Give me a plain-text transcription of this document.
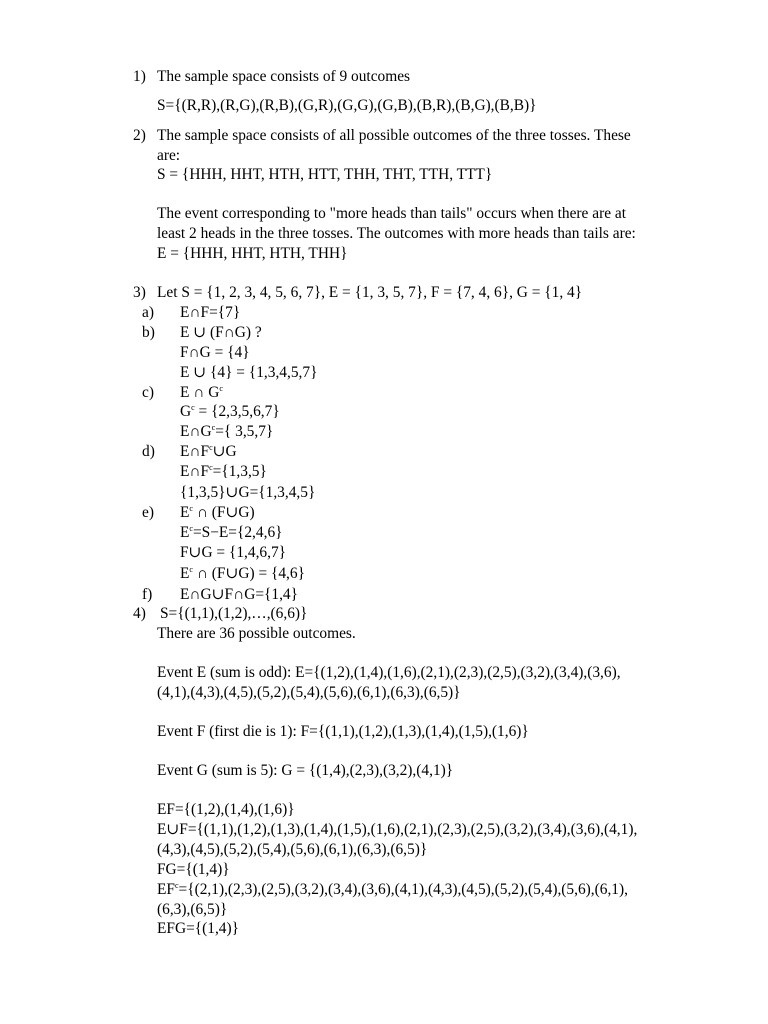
1) The sample space consists of 9 outcomes

S={(R,R),(R,G),(R,B),(G,R),(G,G),(G,B),(B,R),(B,G),(B,B)}

2) The sample space consists of all possible outcomes of the three tosses. These

are:

S = {HHH, HHT, HTH, HTT, THH, THT, TTH, TTT}

The event corresponding to "more heads than tails" occurs when there are at

least 2 heads in the three tosses. The outcomes with more heads than tails are:

E = {HHH, HHT, HTH, THH}

3) Let S = {1, 2, 3, 4, 5, 6, 7}, E = {1, 3, 5, 7}, F = {7, 4, 6}, G = {1, 4}

a) E∩F={7}

b) E ∪ (F∩G) ?

F∩G = {4}

E ∪ {4} = {1,3,4,5,7}

c) E ∩ $G^c$

$G^c = \{2,3,5,6,7\}$

$E\cap G^c=${ 3,5,7}

d) $E\cap F^c\cup G$

$E\cap F^c=\{1,3,5\}$

{1,3,5}∪G={1,3,4,5}

e) $E^c$ ∩ (F∪G)

$E^c=S-E=\{2,4,6\}$

F∪G = {1,4,6,7}

$E^c$ ∩ (F∪G) = {4,6}

f) E∩G∪F∩G={1,4}

4) S={(1,1),(1,2),…,(6,6)}

There are 36 possible outcomes.

Event E (sum is odd): E={(1,2),(1,4),(1,6),(2,1),(2,3),(2,5),(3,2),(3,4),(3,6),

(4,1),(4,3),(4,5),(5,2),(5,4),(5,6),(6,1),(6,3),(6,5)}

Event F (first die is 1): F={(1,1),(1,2),(1,3),(1,4),(1,5),(1,6)}

Event G (sum is 5): G = {(1,4),(2,3),(3,2),(4,1)}

EF={(1,2),(1,4),(1,6)}

E∪F={(1,1),(1,2),(1,3),(1,4),(1,5),(1,6),(2,1),(2,3),(2,5),(3,2),(3,4),(3,6),(4,1),

(4,3),(4,5),(5,2),(5,4),(5,6),(6,1),(6,3),(6,5)}

FG={(1,4)}

$EF^c=\{(2,1),(2,3),(2,5),(3,2),(3,4),(3,6),(4,1),(4,3),(4,5),(5,2),(5,4),(5,6),(6,1)$,

(6,3),(6,5)}

EFG={(1,4)}
